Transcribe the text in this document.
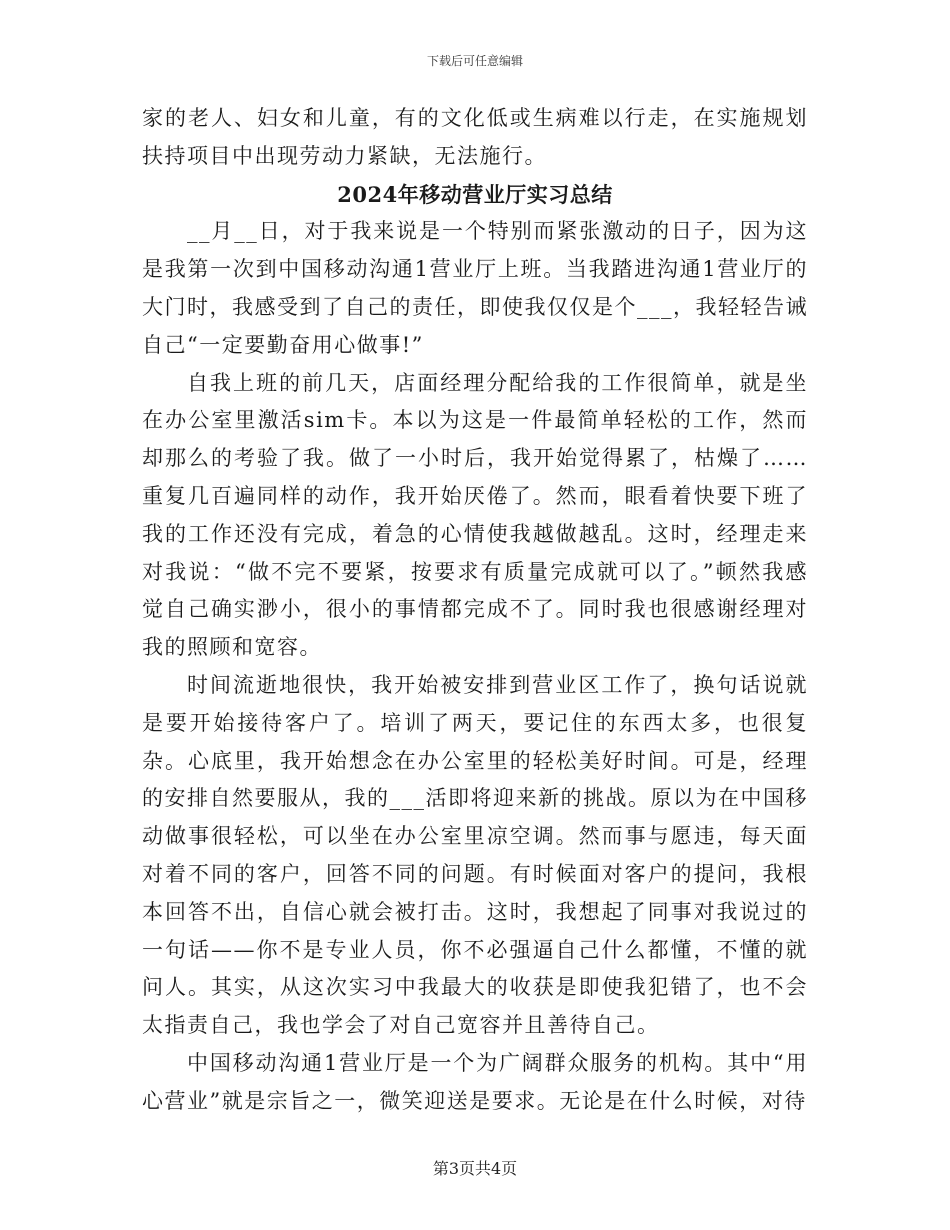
下载后可任意编辑

家的老人、妇女和儿童，有的文化低或生病难以行走，在实施规划扶持项目中出现劳动力紧缺，无法施行。

2024年移动营业厅实习总结

__月__日，对于我来说是一个特别而紧张激动的日子，因为这是我第一次到中国移动沟通1营业厅上班。当我踏进沟通1营业厅的大门时，我感受到了自己的责任，即使我仅仅是个___，我轻轻告诫自己“一定要勤奋用心做事!”

自我上班的前几天，店面经理分配给我的工作很简单，就是坐在办公室里激活sim卡。本以为这是一件最简单轻松的工作，然而却那么的考验了我。做了一小时后，我开始觉得累了，枯燥了……重复几百遍同样的动作，我开始厌倦了。然而，眼看着快要下班了我的工作还没有完成，着急的心情使我越做越乱。这时，经理走来对我说：“做不完不要紧，按要求有质量完成就可以了。”顿然我感觉自己确实渺小，很小的事情都完成不了。同时我也很感谢经理对我的照顾和宽容。

时间流逝地很快，我开始被安排到营业区工作了，换句话说就是要开始接待客户了。培训了两天，要记住的东西太多，也很复杂。心底里，我开始想念在办公室里的轻松美好时间。可是，经理的安排自然要服从，我的___活即将迎来新的挑战。原以为在中国移动做事很轻松，可以坐在办公室里凉空调。然而事与愿违，每天面对着不同的客户，回答不同的问题。有时候面对客户的提问，我根本回答不出，自信心就会被打击。这时，我想起了同事对我说过的一句话——你不是专业人员，你不必强逼自己什么都懂，不懂的就问人。其实，从这次实习中我最大的收获是即使我犯错了，也不会太指责自己，我也学会了对自己宽容并且善待自己。

中国移动沟通1营业厅是一个为广阔群众服务的机构。其中“用心营业”就是宗旨之一，微笑迎送是要求。无论是在什么时候，对待

第3页共4页
